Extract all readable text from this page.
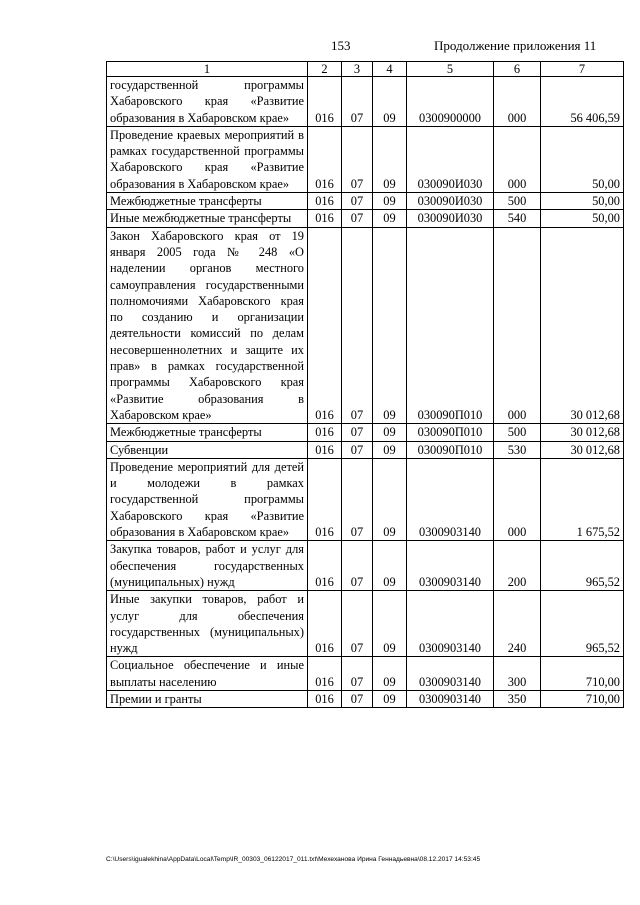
153	Продолжение приложения 11
1	2	3	4	5	6	7
государственной программы Хабаровского края «Развитие образования в Хабаровском крае»	016	07	09	0300900000	000	56 406,59
Проведение краевых мероприятий в рамках государственной программы Хабаровского края «Развитие образования в Хабаровском крае»	016	07	09	030090И030	000	50,00
Межбюджетные трансферты	016	07	09	030090И030	500	50,00
Иные межбюджетные трансферты	016	07	09	030090И030	540	50,00
Закон Хабаровского края от 19 января 2005 года № 248 «О наделении органов местного самоуправления государственными полномочиями Хабаровского края по созданию и организации деятельности комиссий по делам несовершеннолетних и защите их прав» в рамках государственной программы Хабаровского края «Развитие образования в Хабаровском крае»	016	07	09	030090П010	000	30 012,68
Межбюджетные трансферты	016	07	09	030090П010	500	30 012,68
Субвенции	016	07	09	030090П010	530	30 012,68
Проведение мероприятий для детей и молодежи в рамках государственной программы Хабаровского края «Развитие образования в Хабаровском крае»	016	07	09	0300903140	000	1 675,52
Закупка товаров, работ и услуг для обеспечения государственных (муниципальных) нужд	016	07	09	0300903140	200	965,52
Иные закупки товаров, работ и услуг для обеспечения государственных (муниципальных) нужд	016	07	09	0300903140	240	965,52
Социальное обеспечение и иные выплаты населению	016	07	09	0300903140	300	710,00
Премии и гранты	016	07	09	0300903140	350	710,00
C:\Users\igualekhina\AppData\Local\Temp\IR_00303_06122017_011.txt\Мехеханова Ирина Геннадьевна\08.12.2017 14:53:45
